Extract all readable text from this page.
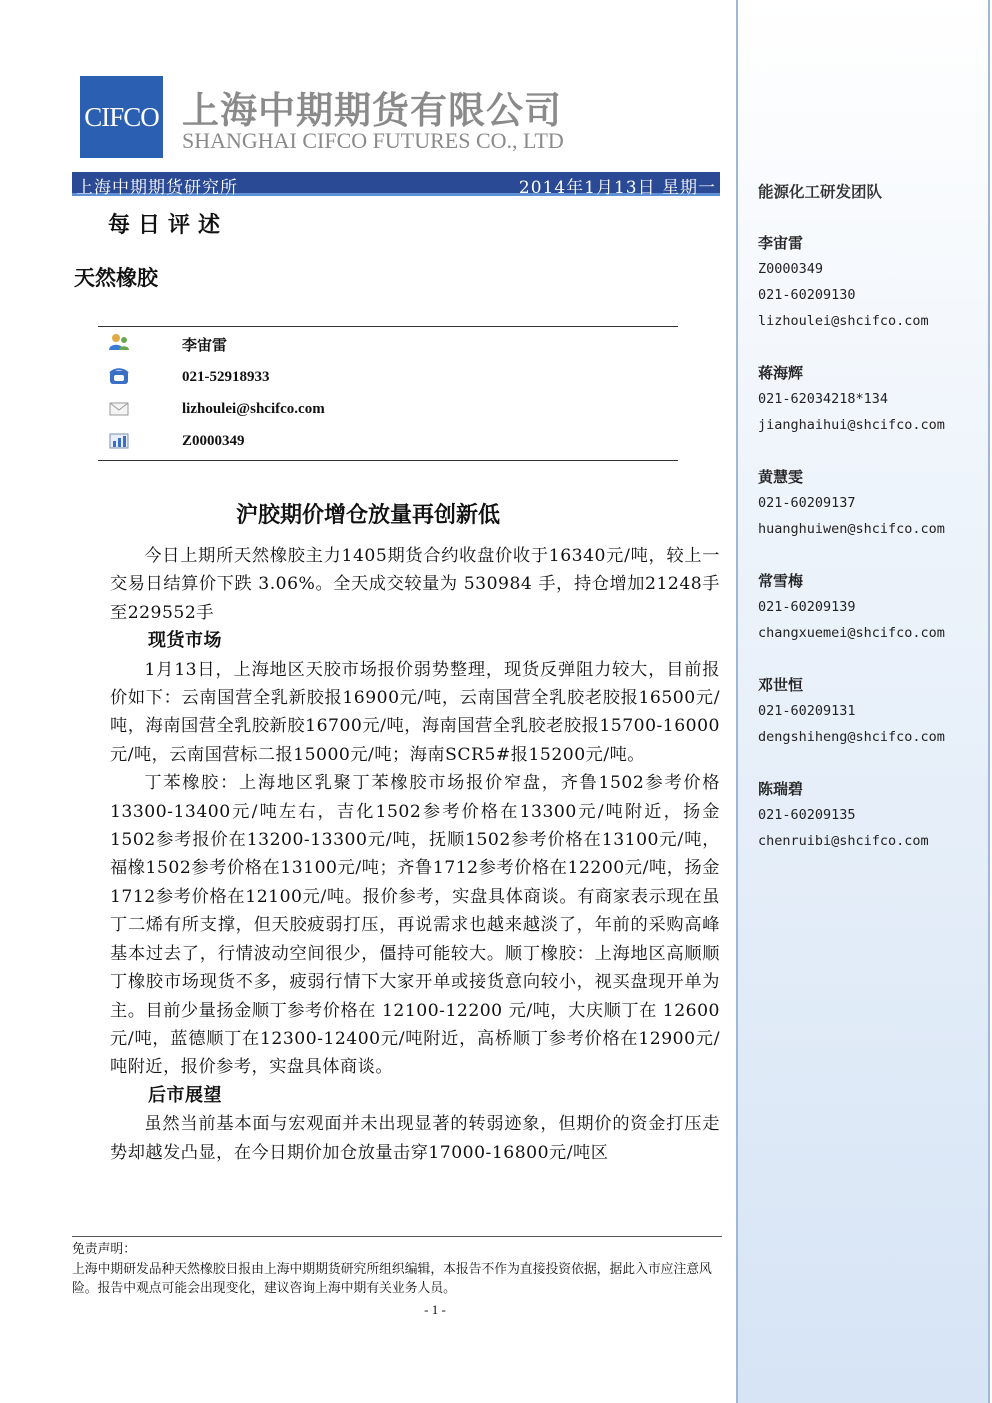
CIFCO 上海中期期货有限公司
SHANGHAI CIFCO FUTURES CO., LTD
上海中期期货研究所	2014年1月13日 星期一
每日评述
天然橡胶
李宙雷
021-52918933
lizhoulei@shcifco.com
Z0000349
沪胶期价增仓放量再创新低

今日上期所天然橡胶主力1405期货合约收盘价收于16340元/吨，较上一交易日结算价下跌 3.06%。全天成交较量为 530984 手，持仓增加21248手至229552手

现货市场

1月13日，上海地区天胶市场报价弱势整理，现货反弹阻力较大，目前报价如下：云南国营全乳新胶报16900元/吨，云南国营全乳胶老胶报16500元/吨，海南国营全乳胶新胶16700元/吨，海南国营全乳胶老胶报15700-16000元/吨，云南国营标二报15000元/吨；海南SCR5#报15200元/吨。

丁苯橡胶：上海地区乳聚丁苯橡胶市场报价窄盘，齐鲁1502参考价格13300-13400元/吨左右，吉化1502参考价格在13300元/吨附近，扬金1502参考报价在13200-13300元/吨，抚顺1502参考价格在13100元/吨，福橡1502参考价格在13100元/吨；齐鲁1712参考价格在12200元/吨，扬金1712参考价格在12100元/吨。报价参考，实盘具体商谈。有商家表示现在虽丁二烯有所支撑，但天胶疲弱打压，再说需求也越来越淡了，年前的采购高峰基本过去了，行情波动空间很少，僵持可能较大。顺丁橡胶：上海地区高顺顺丁橡胶市场现货不多，疲弱行情下大家开单或接货意向较小，视买盘现开单为主。目前少量扬金顺丁参考价格在 12100-12200 元/吨，大庆顺丁在 12600 元/吨，蓝德顺丁在12300-12400元/吨附近，高桥顺丁参考价格在12900元/吨附近，报价参考，实盘具体商谈。

后市展望

虽然当前基本面与宏观面并未出现显著的转弱迹象，但期价的资金打压走势却越发凸显，在今日期价加仓放量击穿17000-16800元/吨区

免责声明：
上海中期研发品种天然橡胶日报由上海中期期货研究所组织编辑，本报告不作为直接投资依据，据此入市应注意风险。报告中观点可能会出现变化，建议咨询上海中期有关业务人员。
- 1 -
能源化工研发团队
李宙雷
Z0000349
021-60209130
lizhoulei@shcifco.com
蒋海辉
021-62034218*134
jianghaihui@shcifco.com
黄慧雯
021-60209137
huanghuiwen@shcifco.com
常雪梅
021-60209139
changxuemei@shcifco.com
邓世恒
021-60209131
dengshiheng@shcifco.com
陈瑞碧
021-60209135
chenruibi@shcifco.com
